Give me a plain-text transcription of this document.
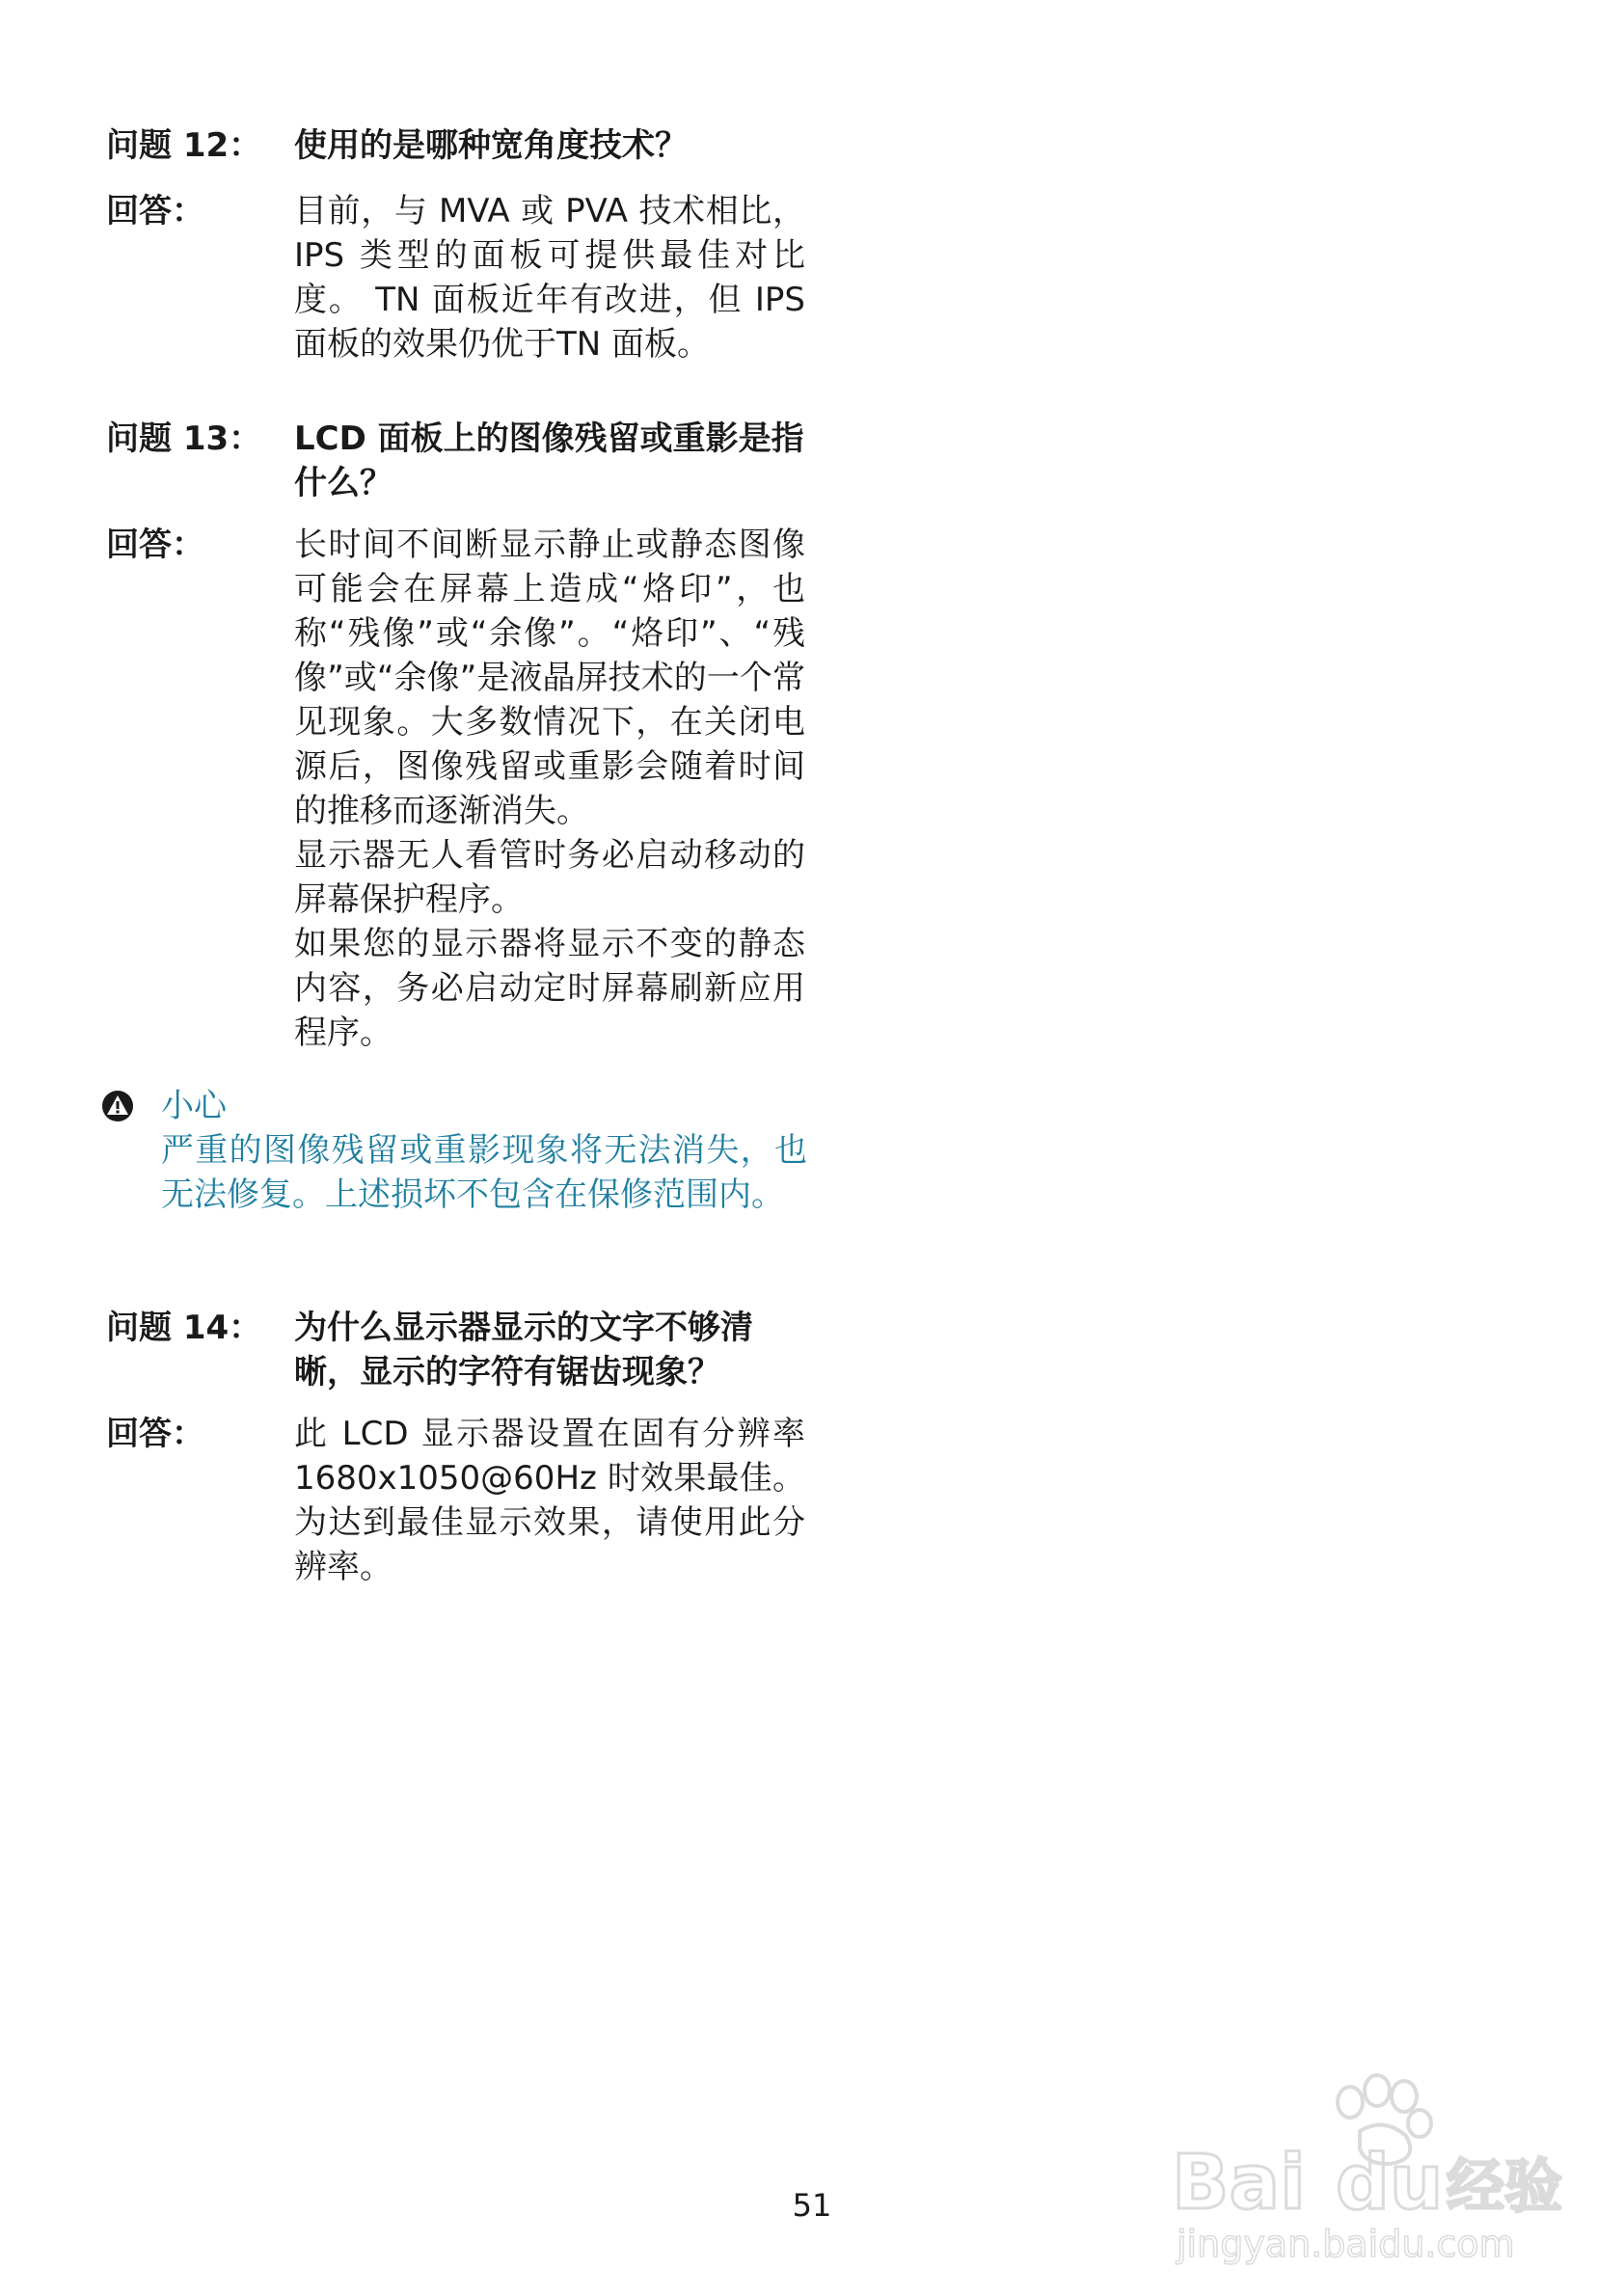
问题 12： 使用的是哪种宽角度技术？
回答：	目前，与 MVA 或 PVA 技术相比，IPS 类型的面板可提供最佳对比度。 TN 面板近年有改进，但 IPS 面板的效果仍优于TN 面板。
问题 13： LCD 面板上的图像残留或重影是指什么？
回答：	长时间不间断显示静止或静态图像可能会在屏幕上造成“烙印”，也称“残像”或“余像”。“烙印”、“残像”或“余像”是液晶屏技术的一个常见现象。大多数情况下，在关闭电源后，图像残留或重影会随着时间的推移而逐渐消失。
显示器无人看管时务必启动移动的屏幕保护程序。
如果您的显示器将显示不变的静态内容，务必启动定时屏幕刷新应用程序。
小心
严重的图像残留或重影现象将无法消失，也无法修复。上述损坏不包含在保修范围内。
问题 14： 为什么显示器显示的文字不够清晰，显示的字符有锯齿现象？
回答：	此 LCD 显示器设置在固有分辨率 1680x1050@60Hz 时效果最佳。为达到最佳显示效果，请使用此分辨率。
51	Bai du 经验
jingyan.baidu.com
